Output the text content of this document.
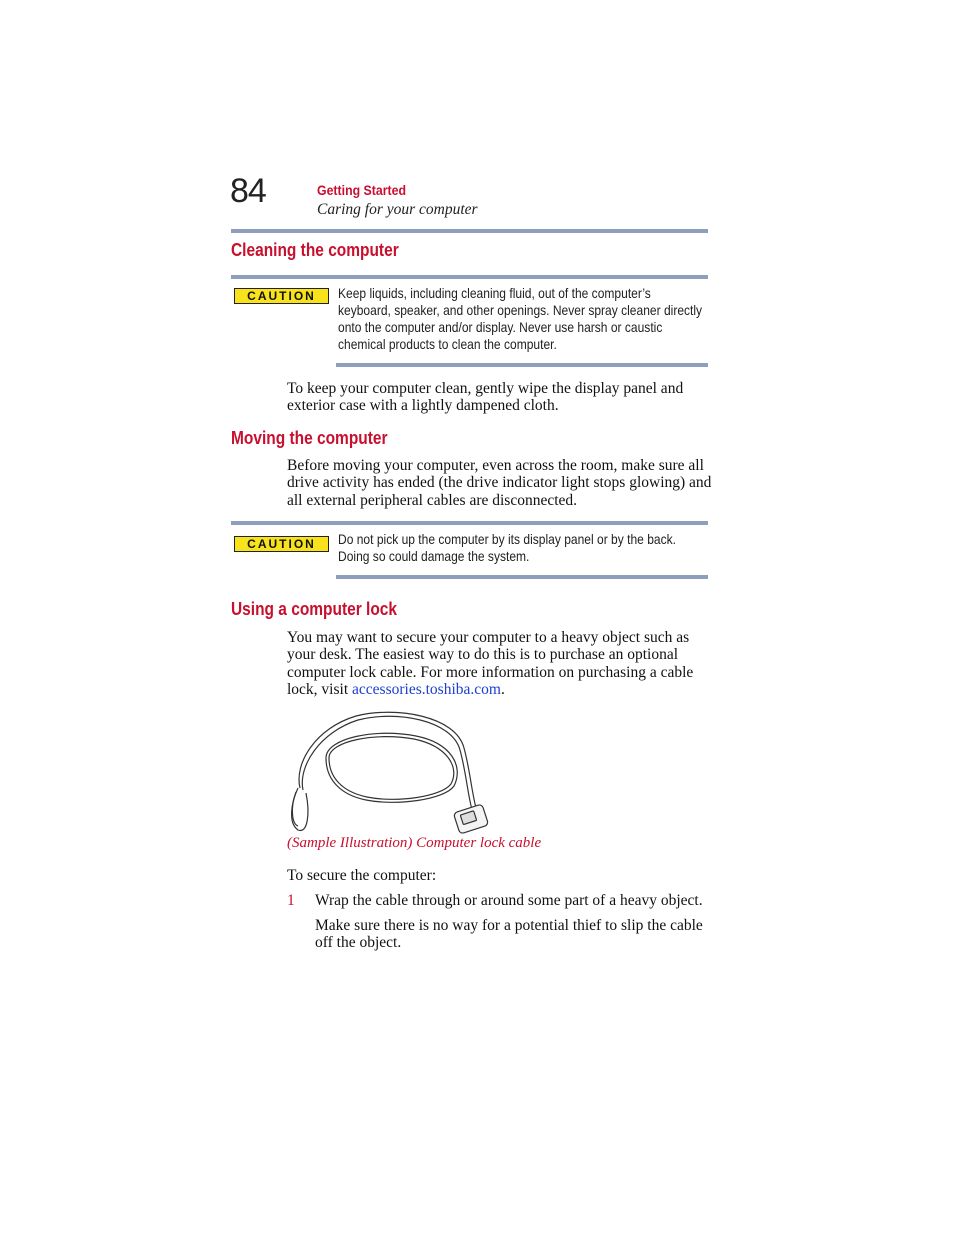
84	Getting Started
Caring for your computer
Cleaning the computer
CAUTION	Keep liquids, including cleaning fluid, out of the computer’s
keyboard, speaker, and other openings. Never spray cleaner directly
onto the computer and/or display. Never use harsh or caustic
chemical products to clean the computer.
To keep your computer clean, gently wipe the display panel and
exterior case with a lightly dampened cloth.
Moving the computer
Before moving your computer, even across the room, make sure all
drive activity has ended (the drive indicator light stops glowing) and
all external peripheral cables are disconnected.
CAUTION	Do not pick up the computer by its display panel or by the back.
Doing so could damage the system.
Using a computer lock
You may want to secure your computer to a heavy object such as
your desk. The easiest way to do this is to purchase an optional
computer lock cable. For more information on purchasing a cable
lock, visit accessories.toshiba.com.
(Sample Illustration) Computer lock cable
To secure the computer:
1 Wrap the cable through or around some part of a heavy object.
Make sure there is no way for a potential thief to slip the cable
off the object.
